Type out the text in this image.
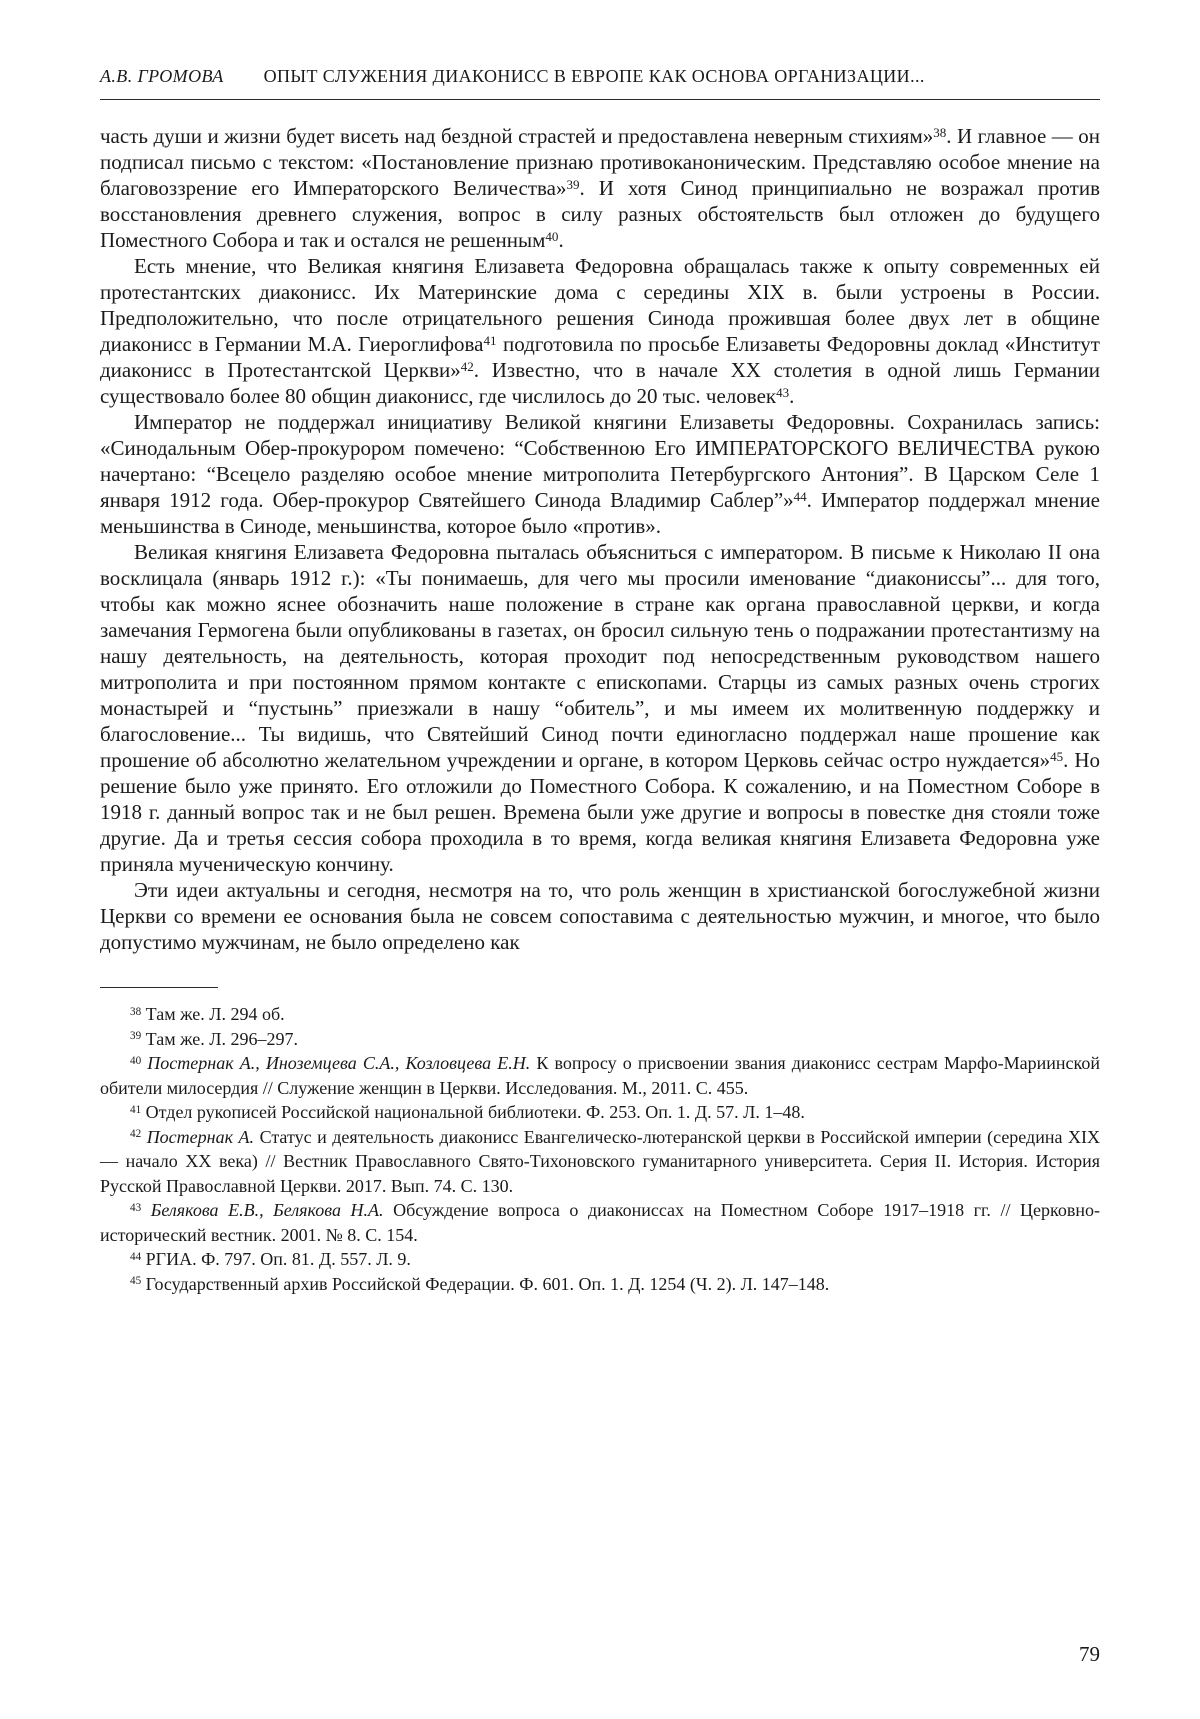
А.В. ГРОМОВА ОПЫТ СЛУЖЕНИЯ ДИАКОНИСС В ЕВРОПЕ КАК ОСНОВА ОРГАНИЗАЦИИ...

часть души и жизни будет висеть над бездной страстей и предоставлена неверным стихиям»$^{38}$. И главное — он подписал письмо с текстом: «Постановление признаю противоканоническим. Представляю особое мнение на благовоззрение его Императорского Величества»$^{39}$. И хотя Синод принципиально не возражал против восстановления древнего служения, вопрос в силу разных обстоятельств был отложен до будущего Поместного Собора и так и остался не решенным$^{40}$.

Есть мнение, что Великая княгиня Елизавета Федоровна обращалась также к опыту современных ей протестантских диаконисс. Их Материнские дома с середины XIX в. были устроены в России. Предположительно, что после отрицательного решения Синода прожившая более двух лет в общине диаконисс в Германии М.А. Гиероглифова$^{41}$ подготовила по просьбе Елизаветы Федоровны доклад «Институт диаконисс в Протестантской Церкви»$^{42}$. Известно, что в начале XX столетия в одной лишь Германии существовало более 80 общин диаконисс, где числилось до 20 тыс. человек$^{43}$.

Император не поддержал инициативу Великой княгини Елизаветы Федоровны. Сохранилась запись: «Синодальным Обер-прокурором помечено: “Собственною Его ИМПЕРАТОРСКОГО ВЕЛИЧЕСТВА рукою начертано: “Всецело разделяю особое мнение митрополита Петербургского Антония”. В Царском Селе 1 января 1912 года. Обер-прокурор Святейшего Синода Владимир Саблер”»$^{44}$. Император поддержал мнение меньшинства в Синоде, меньшинства, которое было «против».

Великая княгиня Елизавета Федоровна пыталась объясниться с императором. В письме к Николаю II она восклицала (январь 1912 г.): «Ты понимаешь, для чего мы просили именование “диакониссы”... для того, чтобы как можно яснее обозначить наше положение в стране как органа православной церкви, и когда замечания Гермогена были опубликованы в газетах, он бросил сильную тень о подражании протестантизму на нашу деятельность, на деятельность, которая проходит под непосредственным руководством нашего митрополита и при постоянном прямом контакте с епископами. Старцы из самых разных очень строгих монастырей и “пустынь” приезжали в нашу “обитель”, и мы имеем их молитвенную поддержку и благословение... Ты видишь, что Святейший Синод почти единогласно поддержал наше прошение как прошение об абсолютно желательном учреждении и органе, в котором Церковь сейчас остро нуждается»$^{45}$. Но решение было уже принято. Его отложили до Поместного Собора. К сожалению, и на Поместном Соборе в 1918 г. данный вопрос так и не был решен. Времена были уже другие и вопросы в повестке дня стояли тоже другие. Да и третья сессия собора проходила в то время, когда великая княгиня Елизавета Федоровна уже приняла мученическую кончину.

Эти идеи актуальны и сегодня, несмотря на то, что роль женщин в христианской богослужебной жизни Церкви со времени ее основания была не совсем сопоставима с деятельностью мужчин, и многое, что было допустимо мужчинам, не было определено как

$^{38}$ Там же. Л. 294 об.

$^{39}$ Там же. Л. 296–297.

$^{40}$ Постернак А., Иноземцева С.А., Козловцева Е.Н. К вопросу о присвоении звания диаконисс сестрам Марфо-Мариинской обители милосердия // Служение женщин в Церкви. Исследования. М., 2011. С. 455.

$^{41}$ Отдел рукописей Российской национальной библиотеки. Ф. 253. Оп. 1. Д. 57. Л. 1–48.

$^{42}$ Постернак А. Статус и деятельность диаконисс Евангелическо-лютеранской церкви в Российской империи (середина XIX — начало XX века) // Вестник Православного Свято-Тихоновского гуманитарного университета. Серия II. История. История Русской Православной Церкви. 2017. Вып. 74. С. 130.

$^{43}$ Белякова Е.В., Белякова Н.А. Обсуждение вопроса о диакониссах на Поместном Соборе 1917–1918 гг. // Церковно-исторический вестник. 2001. № 8. С. 154.

$^{44}$ РГИА. Ф. 797. Оп. 81. Д. 557. Л. 9.

$^{45}$ Государственный архив Российской Федерации. Ф. 601. Оп. 1. Д. 1254 (Ч. 2). Л. 147–148.

79
